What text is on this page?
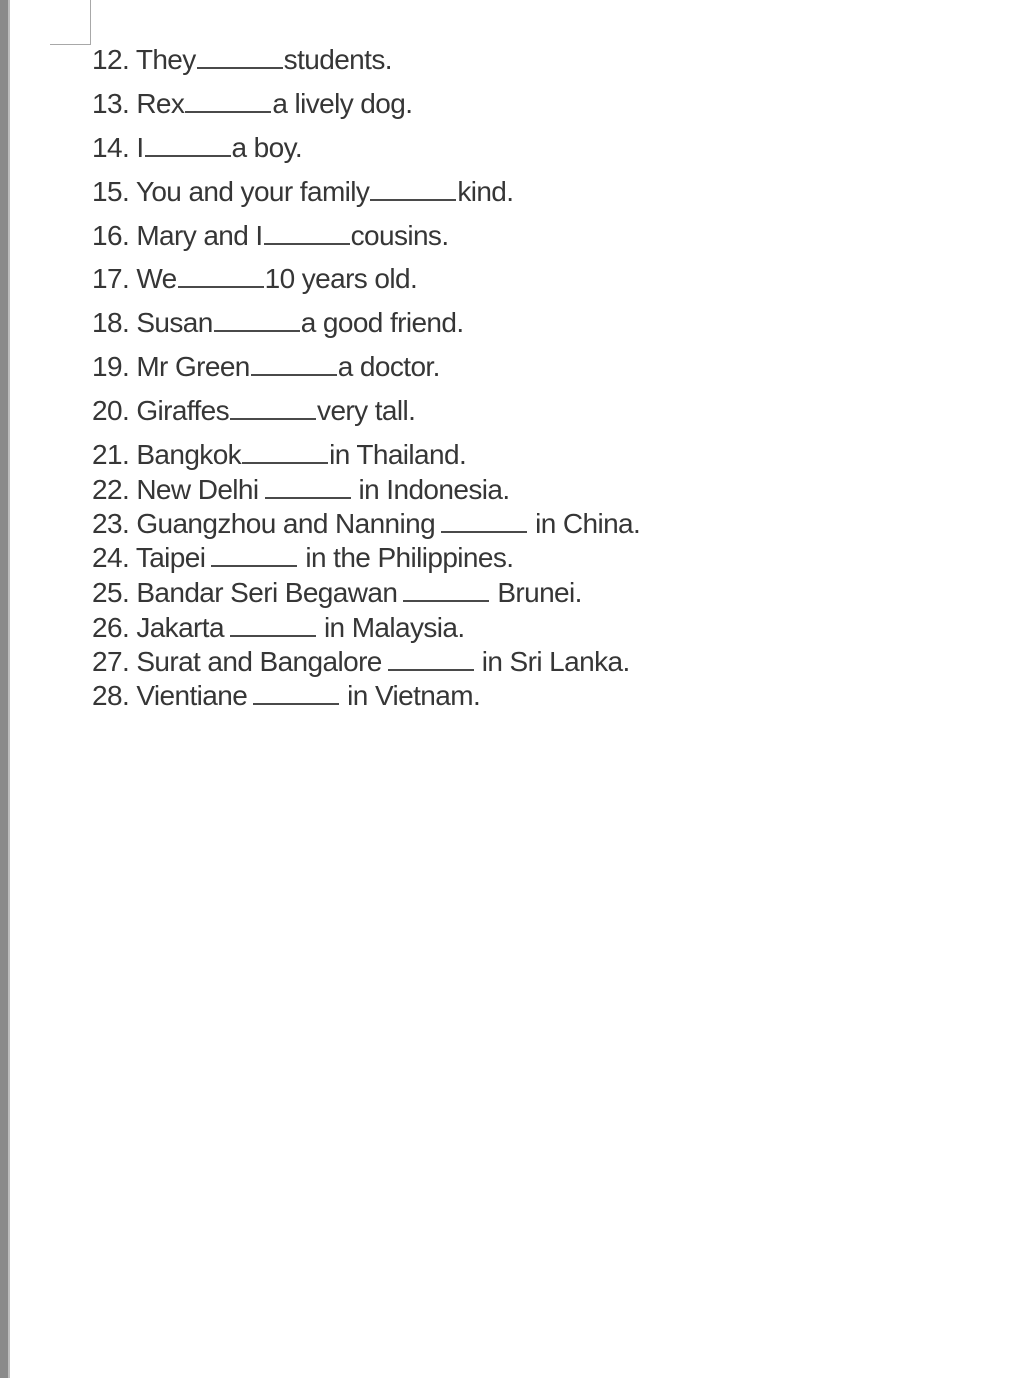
12. They	students.
13. Rex	a lively dog.
14. I	a boy.
15. You and your family	kind.
16. Mary and I	cousins.
17. We	10 years old.
18. Susan	a good friend.
19. Mr Green	a doctor.
20. Giraffes	very tall.
21. Bangkok	in Thailand.
22. New Delhi	in Indonesia.
23. Guangzhou and Nanning	in China.
24. Taipei	in the Philippines.
25. Bandar Seri Begawan	Brunei.
26. Jakarta	in Malaysia.
27. Surat and Bangalore	in Sri Lanka.
28. Vientiane	in Vietnam.
